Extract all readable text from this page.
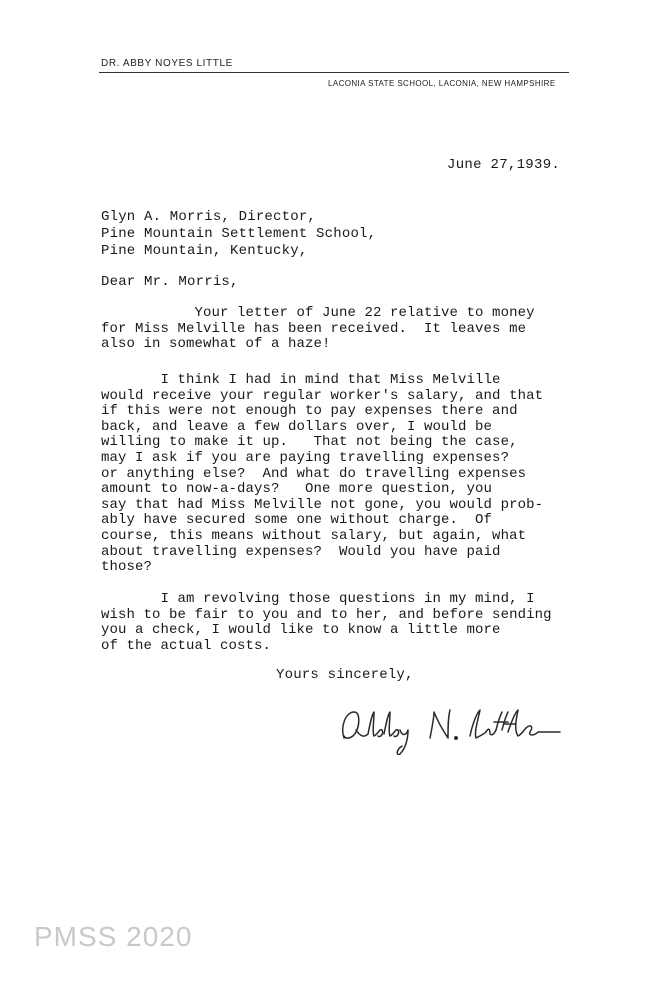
DR. ABBY NOYES LITTLE
LACONIA STATE SCHOOL, LACONIA, NEW HAMPSHIRE
June 27,1939.
Glyn A. Morris, Director,
Pine Mountain Settlement School,
Pine Mountain, Kentucky,
Dear Mr. Morris,
Your letter of June 22 relative to money
for Miss Melville has been received.  It leaves me
also in somewhat of a haze!
I think I had in mind that Miss Melville
would receive your regular worker's salary, and that
if this were not enough to pay expenses there and
back, and leave a few dollars over, I would be
willing to make it up.   That not being the case,
may I ask if you are paying travelling expenses?
or anything else?  And what do travelling expenses
amount to now-a-days?   One more question, you
say that had Miss Melville not gone, you would prob-
ably have secured some one without charge.  Of
course, this means without salary, but again, what
about travelling expenses?  Would you have paid
those?
I am revolving those questions in my mind, I
wish to be fair to you and to her, and before sending
you a check, I would like to know a little more
of the actual costs.
Yours sincerely,
PMSS 2020
